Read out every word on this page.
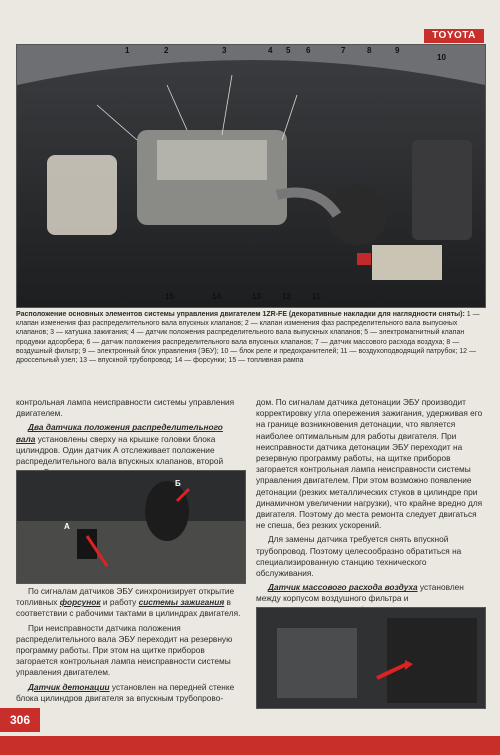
TOYOTA
1	2	3	4 5 6	7	8	9
10
15	14	13	12	11
Расположение основных элементов системы управления двигателем 1ZR-FE (декоративные накладки для наглядности сняты): 1 — клапан изменения фаз распределительного вала впускных клапанов; 2 — клапан изменения фаз распределительного вала выпускных клапанов; 3 — катушка зажигания; 4 — датчик положения распределительного вала выпускных клапанов; 5 — электромагнитный клапан продувки адсорбера; 6 — датчик положения распределительного вала впускных клапанов; 7 — датчик массового расхода воздуха; 8 — воздушный фильтр; 9 — электронный блок управления (ЭБУ); 10 — блок реле и предохранителей; 11 — воздухоподводящий патрубок; 12 — дроссельный узел; 13 — впускной трубопровод; 14 — форсунки; 15 — топливная рампа

контрольная лампа неисправности системы управления двигателем.

Два датчика положения распределительного вала установлены сверху на крышке головки блока цилиндров. Один датчик А отслеживает положение распределительного вала впускных клапанов, второй

А
Б

По сигналам датчиков ЭБУ синхронизирует открытие топливных форсунок и работу системы зажигания в соответствии с рабочими тактами в цилиндрах двигателя.

При неисправности датчика положения распределительного вала ЭБУ переходит на резервную программу работы. При этом на щитке приборов загорается контрольная лампа неисправности системы управления двигателем.

Датчик детонации установлен на передней стенке блока цилиндров двигателя за впускным трубопрово-

дом. По сигналам датчика детонации ЭБУ производит корректировку угла опережения зажигания, удерживая его на границе возникновения детонации, что является наиболее оптимальным для работы двигателя. При неисправности датчика детонации ЭБУ переходит на резервную программу работы, на щитке приборов загорается контрольная лампа неисправности системы управления двигателем. При этом возможно появление детонации (резких металлических стуков в цилиндре при динамичном увеличении нагрузки), что крайне вредно для двигателя. Поэтому до места ремонта следует двигаться не спеша, без резких ускорений.

Для замены датчика требуется снять впускной трубопровод. Поэтому целесообразно обратиться на специализированную станцию технического обслуживания.

Датчик массового расхода воздуха установлен между корпусом воздушного фильтра и

306
